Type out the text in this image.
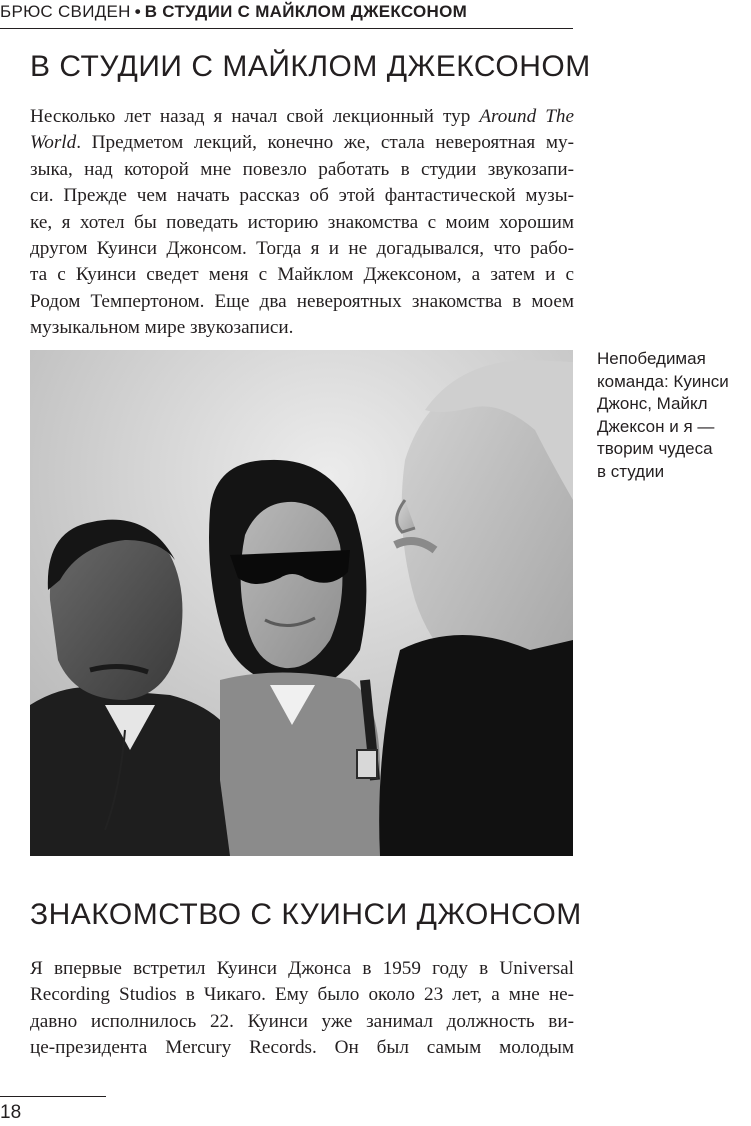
БРЮС СВИДЕН • В СТУДИИ С МАЙКЛОМ ДЖЕКСОНОМ
В СТУДИИ С МАЙКЛОМ ДЖЕКСОНОМ

Несколько лет назад я начал свой лекционный тур Around The
World. Предметом лекций, конечно же, стала невероятная му-
зыка, над которой мне повезло работать в студии звукозапи-
си. Прежде чем начать рассказ об этой фантастической музы-
ке, я хотел бы поведать историю знакомства с моим хорошим
другом Куинси Джонсом. Тогда я и не догадывался, что рабо-
та с Куинси сведет меня с Майклом Джексоном, а затем и с
Родом Темпертоном. Еще два невероятных знакомства в моем
музыкальном мире звукозаписи.

Непобедимая
команда: Куинси
Джонс, Майкл
Джексон и я —
творим чудеса
в студии

ЗНАКОМСТВО С КУИНСИ ДЖОНСОМ

Я впервые встретил Куинси Джонса в 1959 году в Universal
Recording Studios в Чикаго. Ему было около 23 лет, а мне не-
давно исполнилось 22. Куинси уже занимал должность ви-
це-президента Mercury Records. Он был самым молодым

18
